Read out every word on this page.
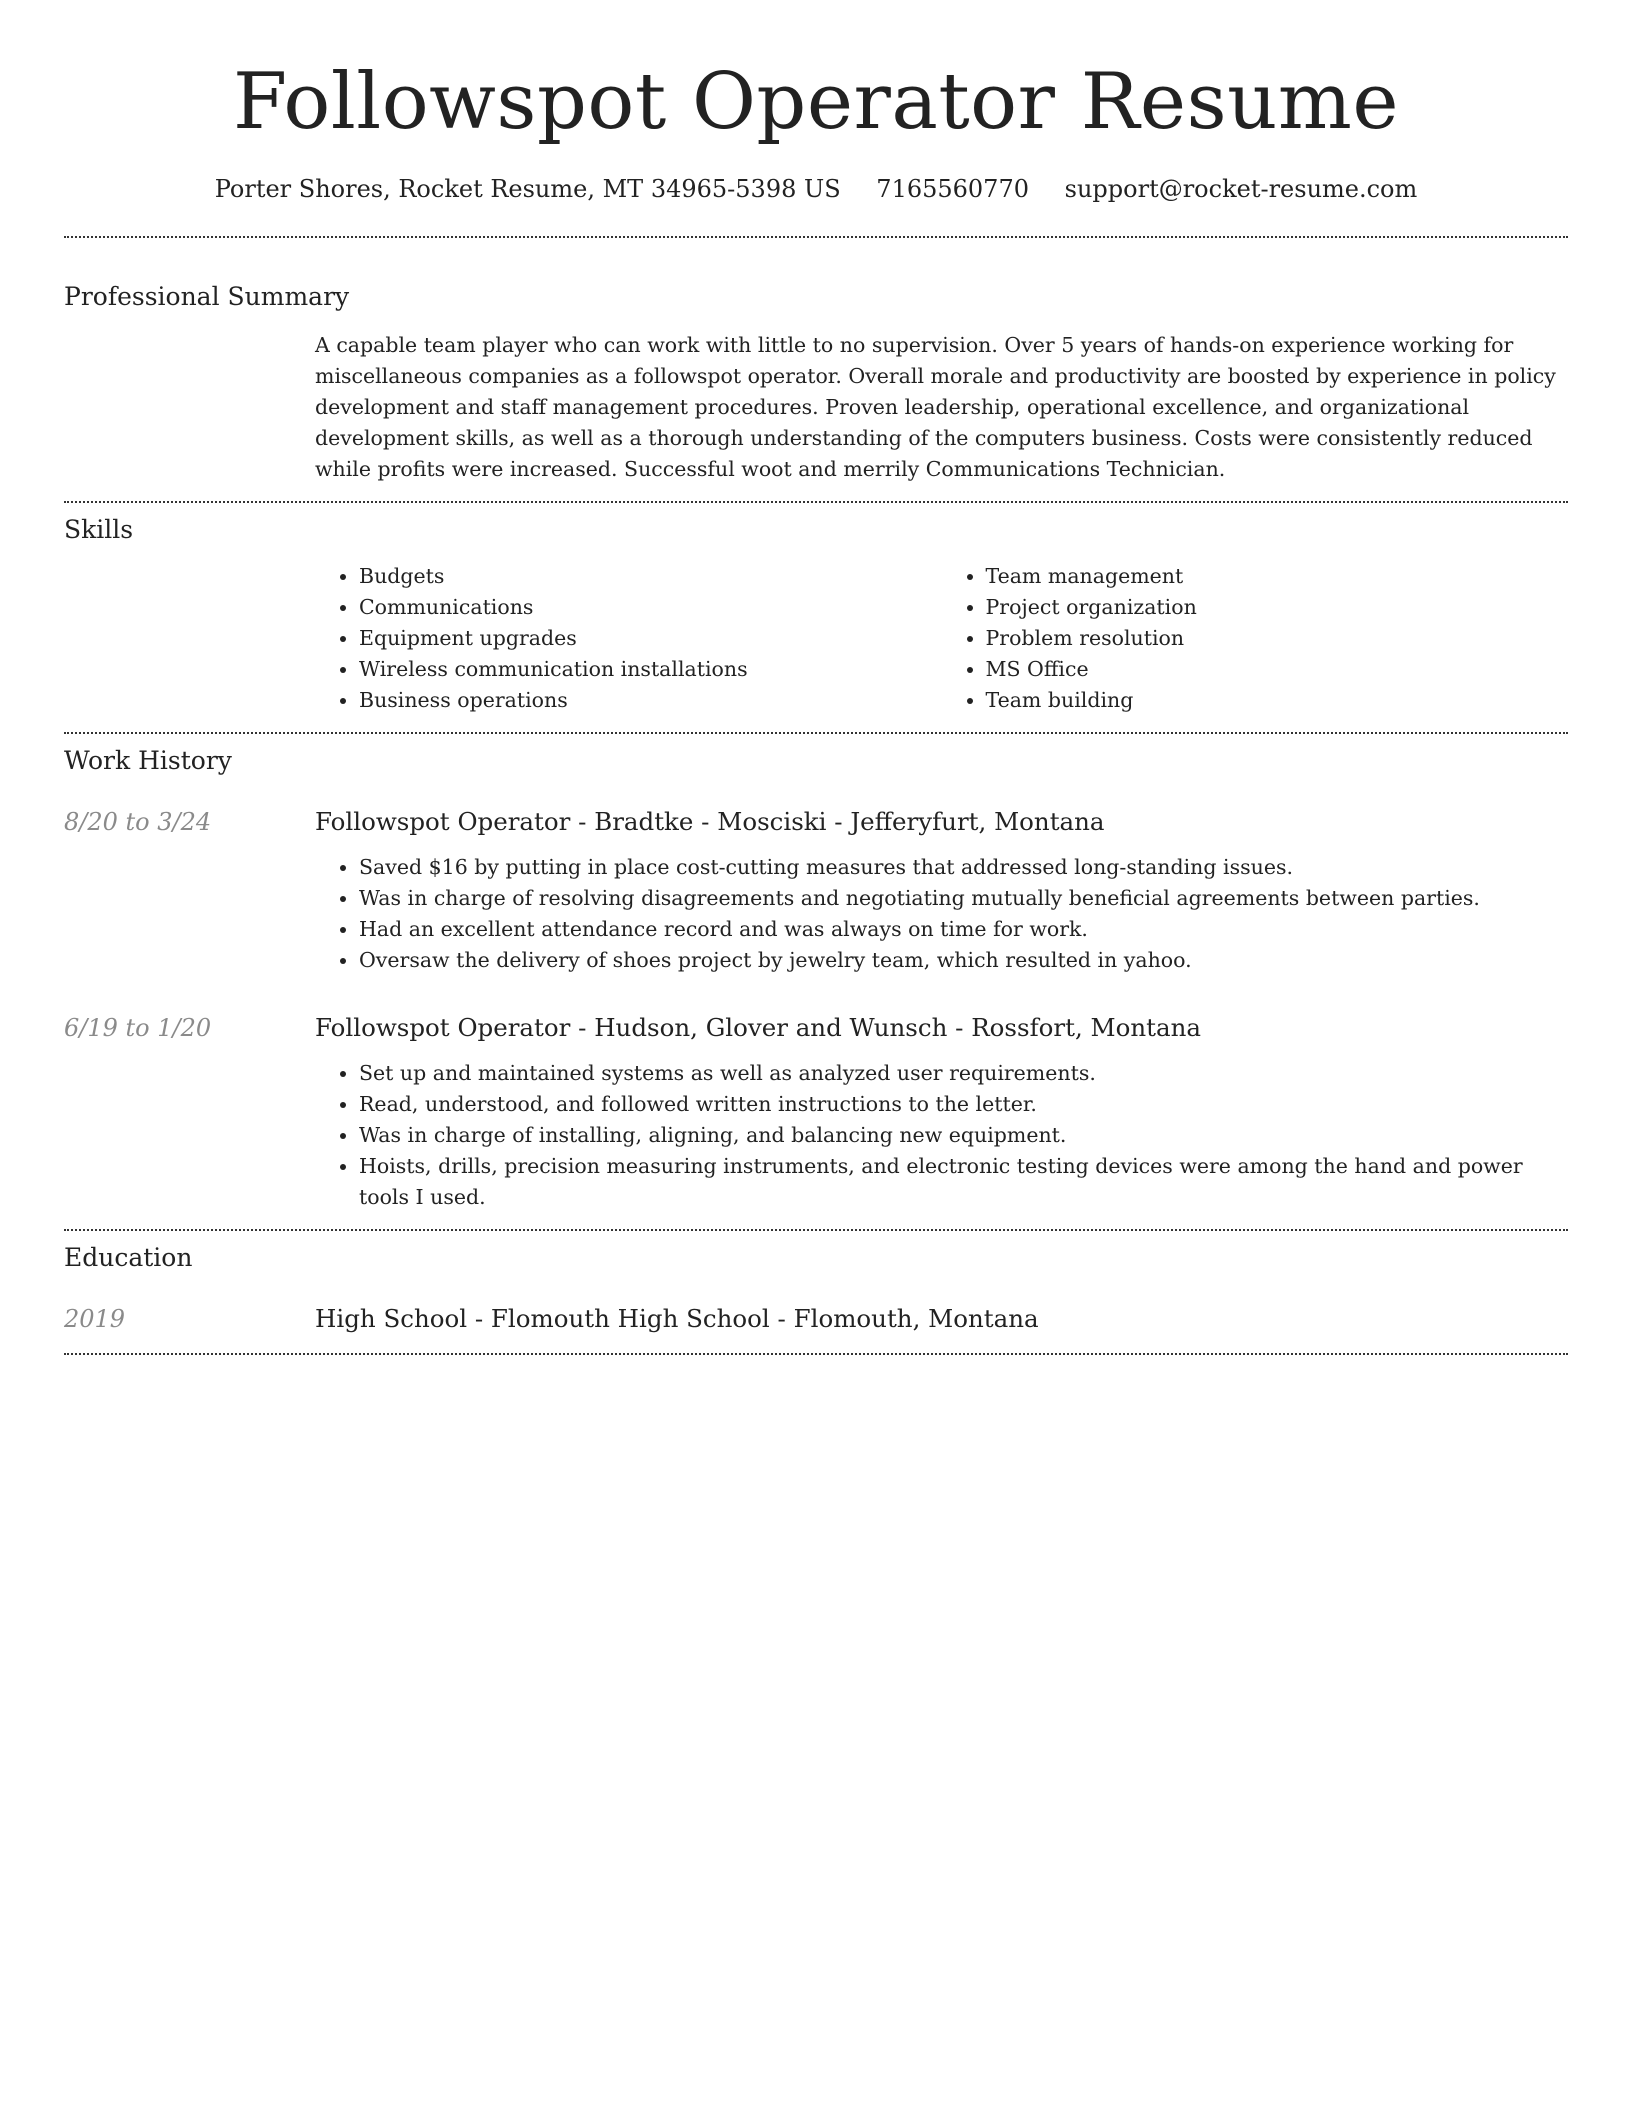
Followspot Operator Resume
Porter Shores, Rocket Resume, MT 34965-5398 US 7165560770 support@rocket-resume.com
Professional Summary

A capable team player who can work with little to no supervision. Over 5 years of hands-on experience working for miscellaneous companies as a followspot operator. Overall morale and productivity are boosted by experience in policy development and staff management procedures. Proven leadership, operational excellence, and organizational development skills, as well as a thorough understanding of the computers business. Costs were consistently reduced while profits were increased. Successful woot and merrily Communications Technician.

Skills
• Budgets
• Communications
• Equipment upgrades
• Wireless communication installations
• Business operations
• Team management
• Project organization
• Problem resolution
• MS Office
• Team building
Work History
8/20 to 3/24	Followspot Operator - Bradtke - Mosciski - Jefferyfurt, Montana
• Saved $16 by putting in place cost-cutting measures that addressed long-standing issues.
• Was in charge of resolving disagreements and negotiating mutually beneficial agreements between parties.
• Had an excellent attendance record and was always on time for work.
• Oversaw the delivery of shoes project by jewelry team, which resulted in yahoo.
6/19 to 1/20	Followspot Operator - Hudson, Glover and Wunsch - Rossfort, Montana
• Set up and maintained systems as well as analyzed user requirements.
• Read, understood, and followed written instructions to the letter.
• Was in charge of installing, aligning, and balancing new equipment.
• Hoists, drills, precision measuring instruments, and electronic testing devices were among the hand and power tools I used.
Education
2019	High School - Flomouth High School - Flomouth, Montana
